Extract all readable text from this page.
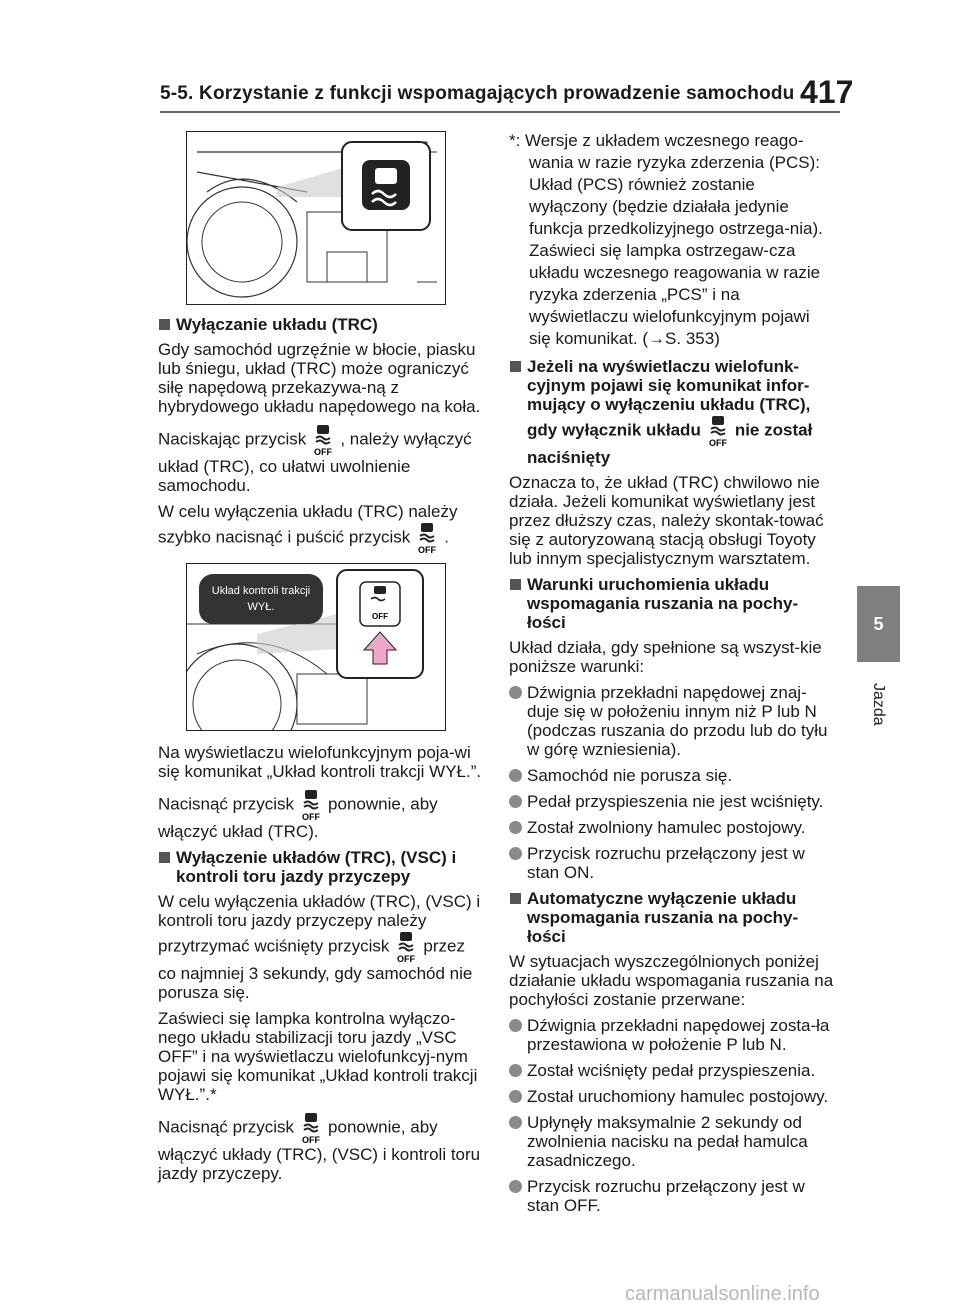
5-5. Korzystanie z funkcji wspomagających prowadzenie samochodu 417
5
Jazda
Wyłączanie układu (TRC)
Gdy samochód ugrzęźnie w błocie, piasku lub śniegu, układ (TRC) może ograniczyć siłę napędową przekazywa-ną z hybrydowego układu napędowego na koła.
Naciskając przycisk
OFF
, należy wyłączyć układ (TRC), co ułatwi uwolnienie samochodu.
W celu wyłączenia układu (TRC) należy szybko nacisnąć i puścić przycisk
OFF
.
Układ kontroli trakcji
WYŁ.
OFF
Na wyświetlaczu wielofunkcyjnym poja-wi się komunikat „Układ kontroli trakcji WYŁ.”.
Nacisnąć przycisk
OFF
ponownie, aby włączyć układ (TRC).
Wyłączenie układów (TRC), (VSC) i kontroli toru jazdy przyczepy
W celu wyłączenia układów (TRC), (VSC) i kontroli toru jazdy przyczepy należy przytrzymać wciśnięty przycisk
OFF
przez co najmniej 3 sekundy, gdy samochód nie porusza się.
Zaświeci się lampka kontrolna wyłączo-nego układu stabilizacji toru jazdy „VSC OFF” i na wyświetlaczu wielofunkcyj-nym pojawi się komunikat „Układ kontroli trakcji WYŁ.”.*
Nacisnąć przycisk
OFF
ponownie, aby włączyć układy (TRC), (VSC) i kontroli toru jazdy przyczepy.
*: Wersje z układem wczesnego reago-wania w razie ryzyka zderzenia (PCS): Układ (PCS) również zostanie wyłączony (będzie działała jedynie funkcja przedkolizyjnego ostrzega-nia). Zaświeci się lampka ostrzegaw-cza układu wczesnego reagowania w razie ryzyka zderzenia „PCS” i na wyświetlaczu wielofunkcyjnym pojawi się komunikat. (→S. 353)
Jeżeli na wyświetlaczu wielofunk-cyjnym pojawi się komunikat infor-mujący o wyłączeniu układu (TRC), gdy wyłącznik układu
OFF
nie został naciśnięty
Oznacza to, że układ (TRC) chwilowo nie działa. Jeżeli komunikat wyświetlany jest przez dłuższy czas, należy skontak-tować się z autoryzowaną stacją obsługi Toyoty lub innym specjalistycznym warsztatem.
Warunki uruchomienia układu wspomagania ruszania na pochy-łości
Układ działa, gdy spełnione są wszyst-kie poniższe warunki:
Dźwignia przekładni napędowej znaj-duje się w położeniu innym niż P lub N (podczas ruszania do przodu lub do tyłu w górę wzniesienia).
Samochód nie porusza się.
Pedał przyspieszenia nie jest wciśnięty.
Został zwolniony hamulec postojowy.
Przycisk rozruchu przełączony jest w stan ON.
Automatyczne wyłączenie układu wspomagania ruszania na pochy-łości
W sytuacjach wyszczególnionych poniżej działanie układu wspomagania ruszania na pochyłości zostanie przerwane:
Dźwignia przekładni napędowej zosta-ła przestawiona w położenie P lub N.
Został wciśnięty pedał przyspieszenia.
Został uruchomiony hamulec postojowy.
Upłynęły maksymalnie 2 sekundy od zwolnienia nacisku na pedał hamulca zasadniczego.
Przycisk rozruchu przełączony jest w stan OFF.
carmanualsonline.info
